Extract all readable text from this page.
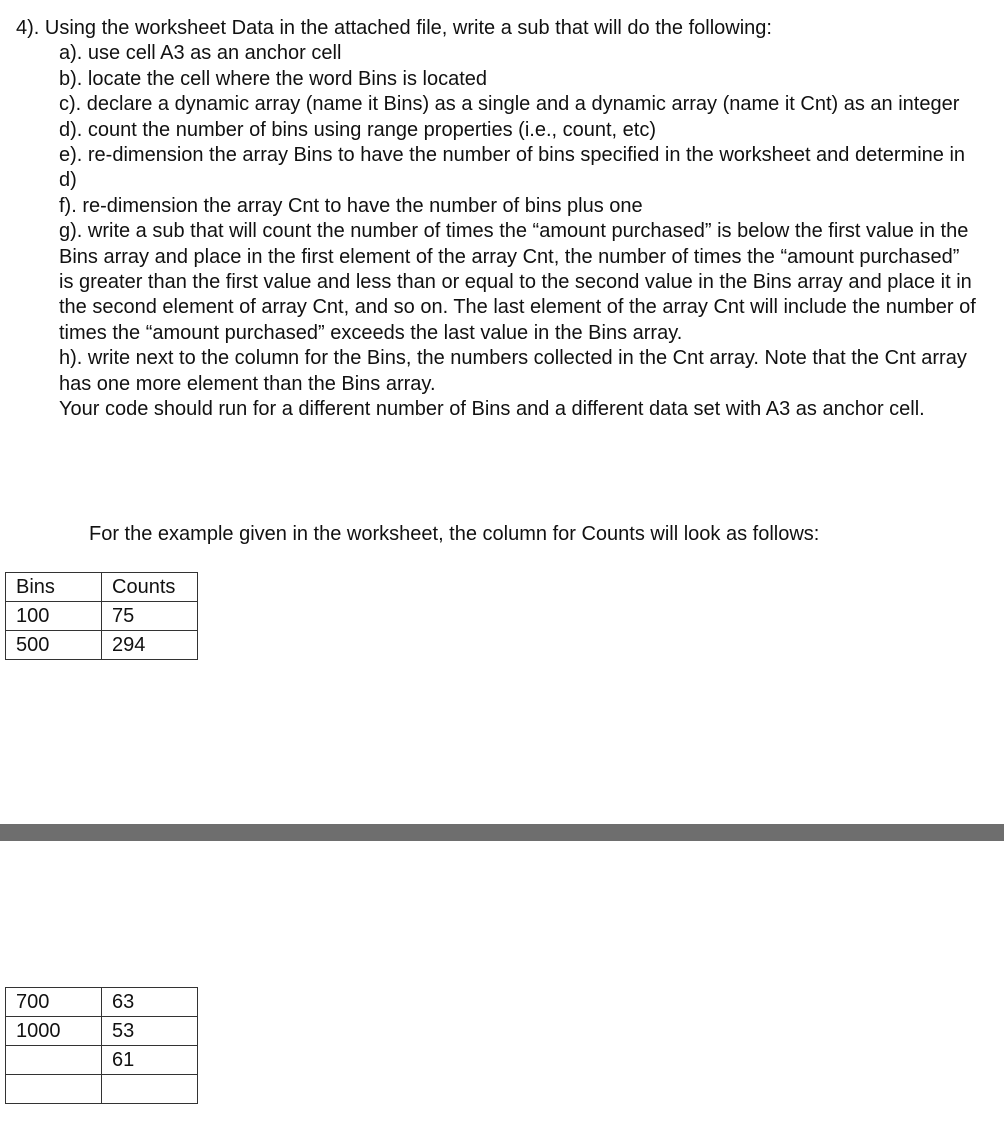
4). Using the worksheet Data in the attached file, write a sub that will do the following:
a). use cell A3 as an anchor cell
b). locate the cell where the word Bins is located
c). declare a dynamic array (name it Bins) as a single and a dynamic array (name it Cnt) as an integer
d). count the number of bins using range properties (i.e., count, etc)
e). re-dimension the array Bins to have the number of bins specified in the worksheet and determine in d)
f). re-dimension the array Cnt to have the number of bins plus one
g). write a sub that will count the number of times the “amount purchased” is below the first value in the Bins array and place in the first element of the array Cnt, the number of times the “amount purchased” is greater than the first value and less than or equal to the second value in the Bins array and place it in the second element of array Cnt, and so on. The last element of the array Cnt will include the number of times the “amount purchased” exceeds the last value in the Bins array.
h). write next to the column for the Bins, the numbers collected in the Cnt array. Note that the Cnt array has one more element than the Bins array.

Your code should run for a different number of Bins and a different data set with A3 as anchor cell.

For the example given in the worksheet, the column for Counts will look as follows:
Bins	Counts
100	75
500	294
700	63
1000	53
	61
